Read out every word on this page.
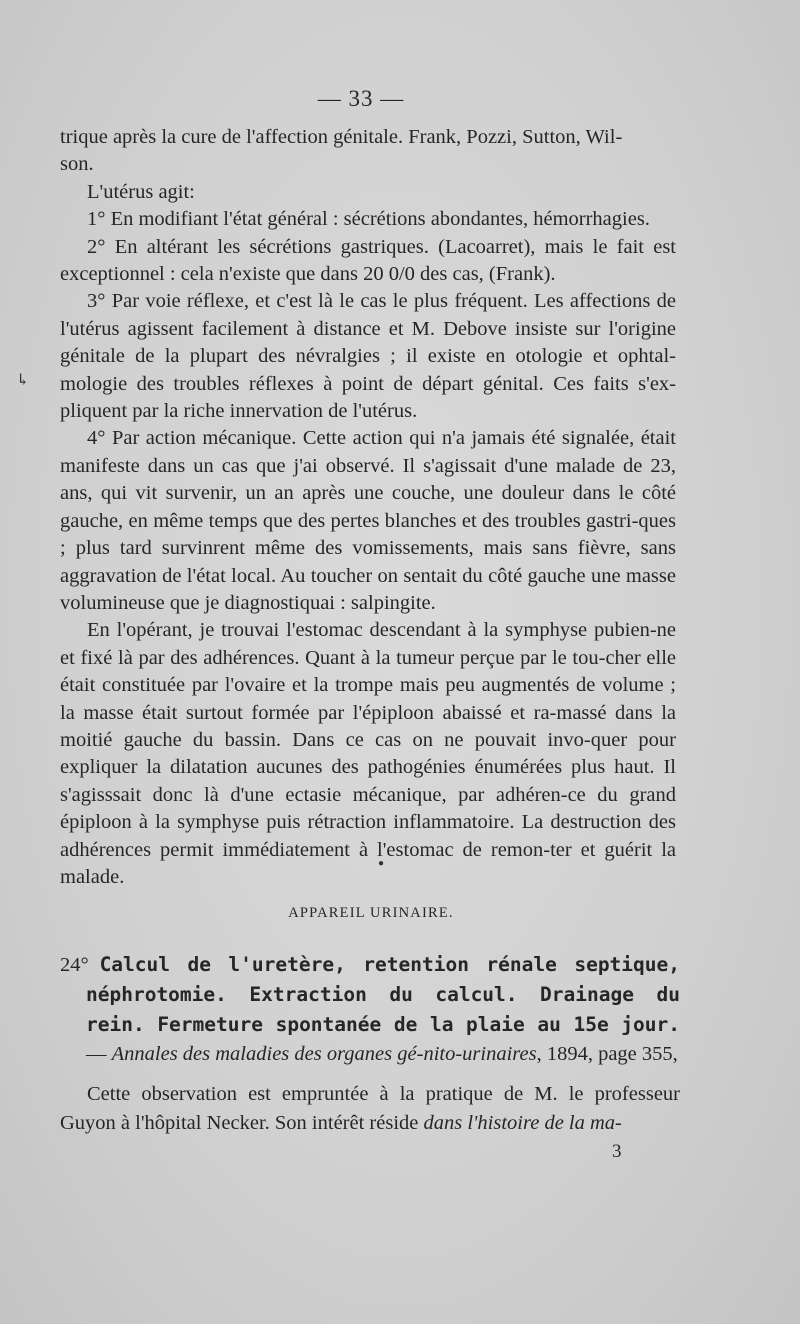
— 33 —

trique après la cure de l'affection génitale. Frank, Pozzi, Sutton, Wil-

son.

L'utérus agit:

1° En modifiant l'état général : sécrétions abondantes, hémorrhagies.

2° En altérant les sécrétions gastriques. (Lacoarret), mais le fait est exceptionnel : cela n'existe que dans 20 0/0 des cas, (Frank).

3° Par voie réflexe, et c'est là le cas le plus fréquent. Les affections de l'utérus agissent facilement à distance et M. Debove insiste sur l'origine génitale de la plupart des névralgies ; il existe en otologie et ophtal-mologie des troubles réflexes à point de départ génital. Ces faits s'ex-pliquent par la riche innervation de l'utérus.

4° Par action mécanique. Cette action qui n'a jamais été signalée, était manifeste dans un cas que j'ai observé. Il s'agissait d'une malade de 23, ans, qui vit survenir, un an après une couche, une douleur dans le côté gauche, en même temps que des pertes blanches et des troubles gastri-ques ; plus tard survinrent même des vomissements, mais sans fièvre, sans aggravation de l'état local. Au toucher on sentait du côté gauche une masse volumineuse que je diagnostiquai : salpingite.

En l'opérant, je trouvai l'estomac descendant à la symphyse pubien-ne et fixé là par des adhérences. Quant à la tumeur perçue par le tou-cher elle était constituée par l'ovaire et la trompe mais peu augmentés de volume ; la masse était surtout formée par l'épiploon abaissé et ra-massé dans la moitié gauche du bassin. Dans ce cas on ne pouvait invo-quer pour expliquer la dilatation aucunes des pathogénies énumérées plus haut. Il s'agisssait donc là d'une ectasie mécanique, par adhéren-ce du grand épiploon à la symphyse puis rétraction inflammatoire. La destruction des adhérences permit immédiatement à l'estomac de remon-ter et guérit la malade.

↳
●
APPAREIL URINAIRE.
24° Calcul de l'uretère, retention rénale septique, néphrotomie. Extraction du calcul. Drainage du rein. Fermeture spontanée de la plaie au 15e jour. — Annales des maladies des organes gé-nito-urinaires, 1894, page 355,
Cette observation est empruntée à la pratique de M. le professeur Guyon à l'hôpital Necker. Son intérêt réside dans l'histoire de la ma-
3
